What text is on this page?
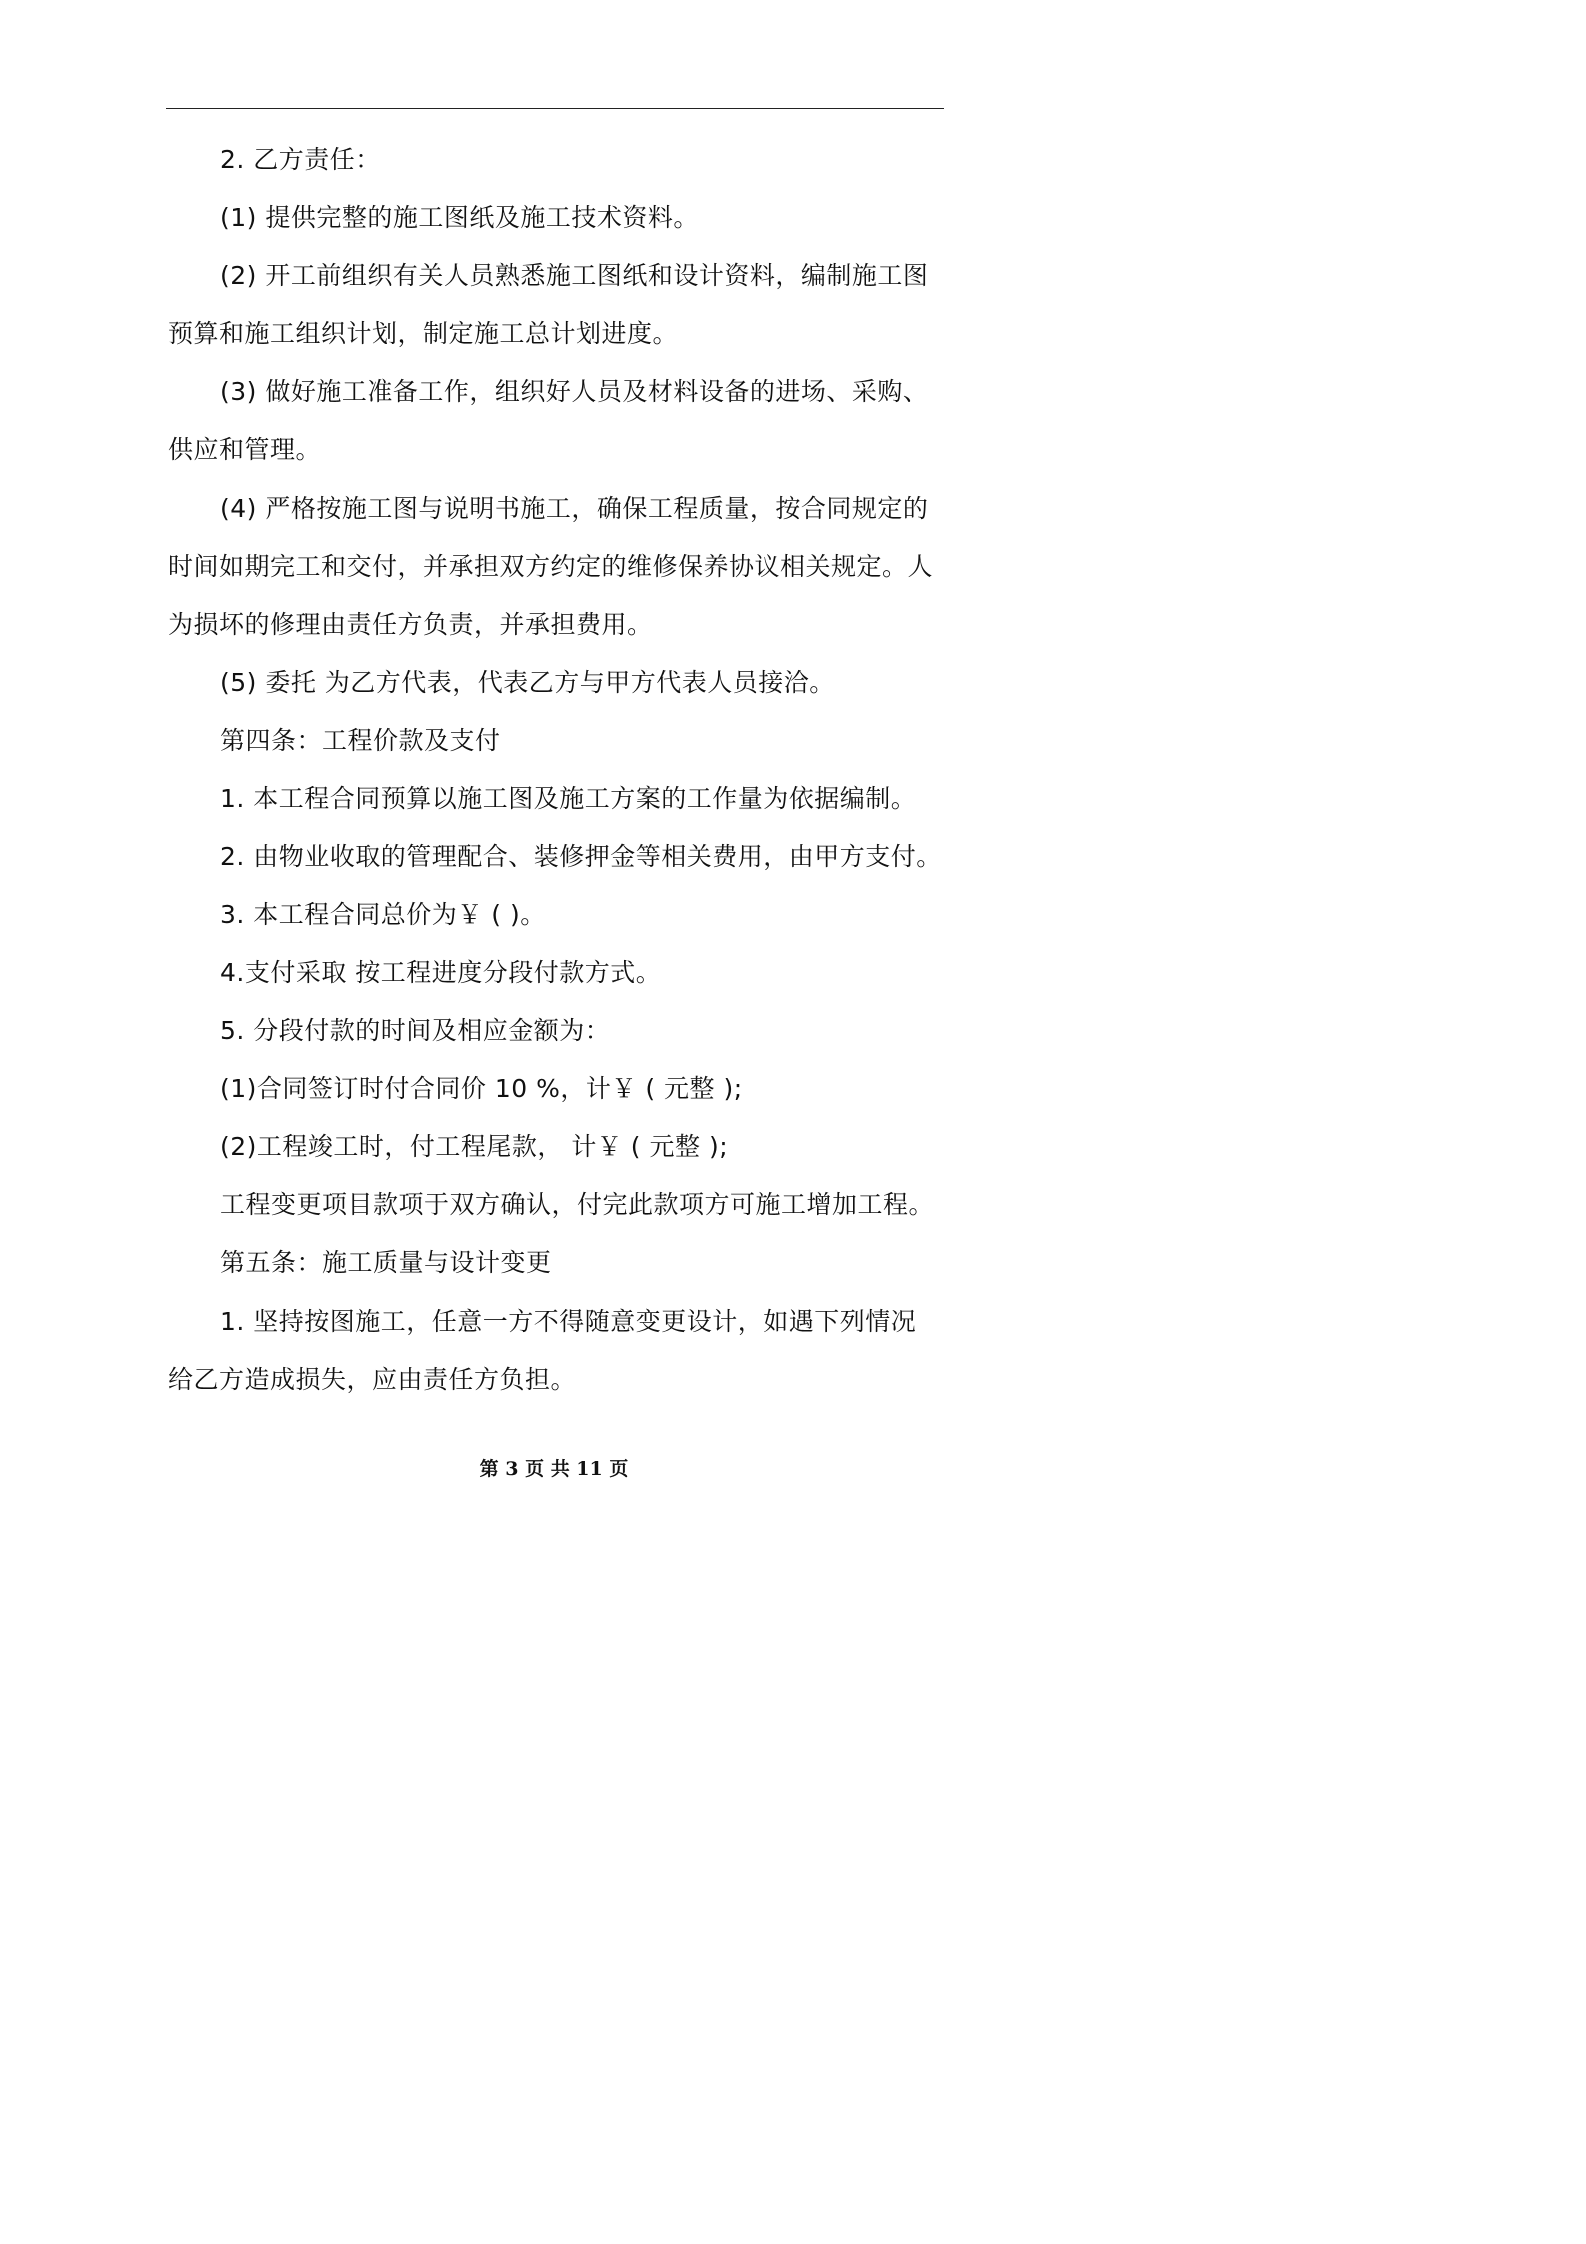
2. 乙方责任：
(1) 提供完整的施工图纸及施工技术资料。
(2) 开工前组织有关人员熟悉施工图纸和设计资料，编制施工图
预算和施工组织计划，制定施工总计划进度。
(3) 做好施工准备工作，组织好人员及材料设备的进场、采购、
供应和管理。
(4) 严格按施工图与说明书施工，确保工程质量，按合同规定的
时间如期完工和交付，并承担双方约定的维修保养协议相关规定。人
为损坏的修理由责任方负责，并承担费用。
(5) 委托 为乙方代表，代表乙方与甲方代表人员接洽。
第四条：工程价款及支付
1. 本工程合同预算以施工图及施工方案的工作量为依据编制。
2. 由物业收取的管理配合、装修押金等相关费用，由甲方支付。
3. 本工程合同总价为￥ ( )。
4.支付采取 按工程进度分段付款方式。
5. 分段付款的时间及相应金额为：
(1)合同签订时付合同价 10 %，计￥ ( 元整 );
(2)工程竣工时，付工程尾款， 计￥ ( 元整 );
工程变更项目款项于双方确认，付完此款项方可施工增加工程。
第五条：施工质量与设计变更
1. 坚持按图施工，任意一方不得随意变更设计，如遇下列情况
给乙方造成损失，应由责任方负担。
第 3 页 共 11 页
